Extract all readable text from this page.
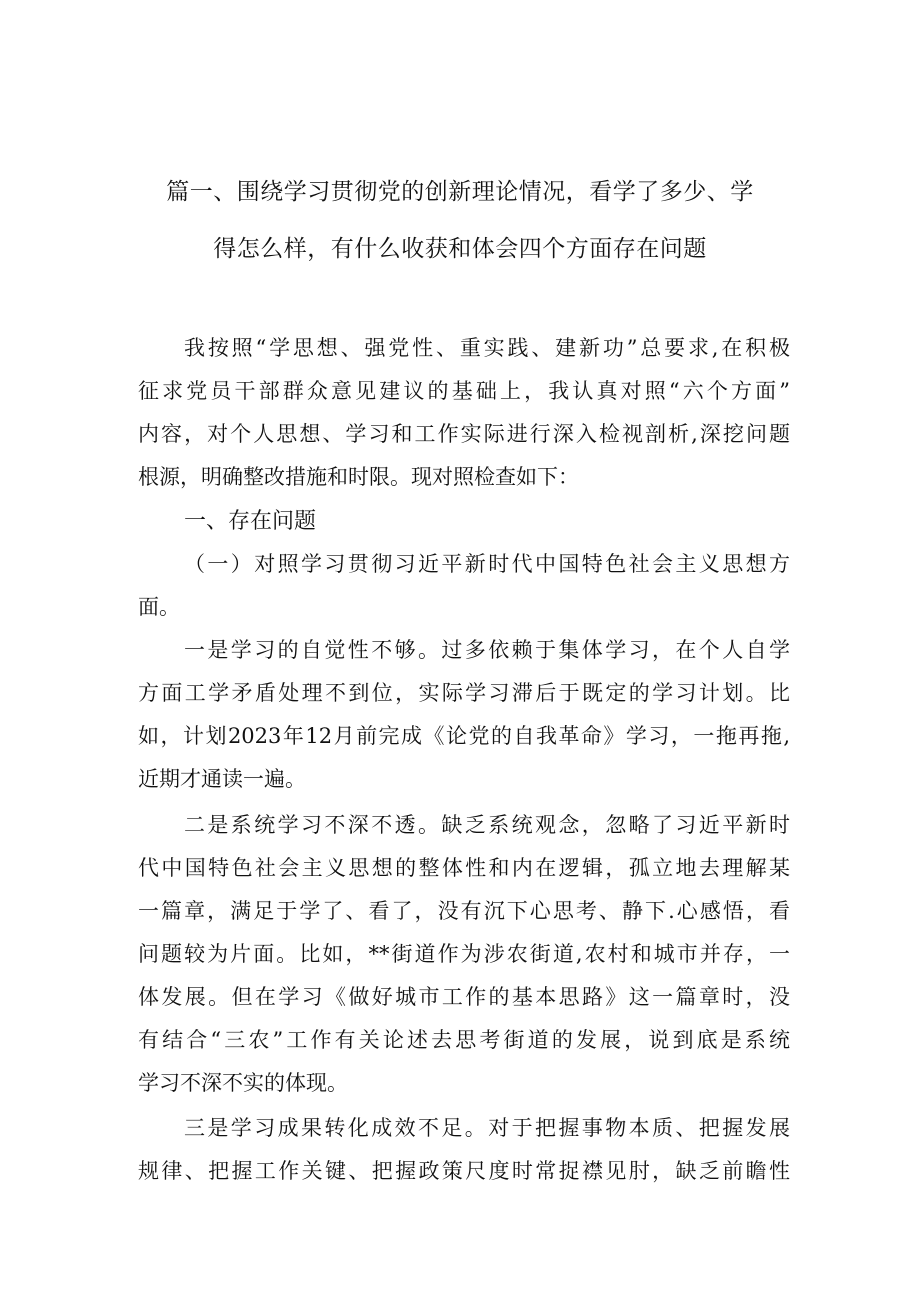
篇一、围绕学习贯彻党的创新理论情况，看学了多少、学
得怎么样，有什么收获和体会四个方面存在问题
我按照“学思想、强党性、重实践、建新功”总要求,在积极
征求党员干部群众意见建议的基础上，我认真对照“六个方面”
内容，对个人思想、学习和工作实际进行深入检视剖析,深挖问题
根源，明确整改措施和时限。现对照检查如下：
一、存在问题
（一）对照学习贯彻习近平新时代中国特色社会主义思想方
面。
一是学习的自觉性不够。过多依赖于集体学习，在个人自学
方面工学矛盾处理不到位，实际学习滞后于既定的学习计划。比
如，计划2023年12月前完成《论党的自我革命》学习，一拖再拖,
近期才通读一遍。
二是系统学习不深不透。缺乏系统观念，忽略了习近平新时
代中国特色社会主义思想的整体性和内在逻辑，孤立地去理解某
一篇章，满足于学了、看了，没有沉下心思考、静下.心感悟，看
问题较为片面。比如，**街道作为涉农街道,农村和城市并存，一
体发展。但在学习《做好城市工作的基本思路》这一篇章时，没
有结合“三农”工作有关论述去思考街道的发展，说到底是系统
学习不深不实的体现。
三是学习成果转化成效不足。对于把握事物本质、把握发展
规律、把握工作关键、把握政策尺度时常捉襟见肘，缺乏前瞻性
